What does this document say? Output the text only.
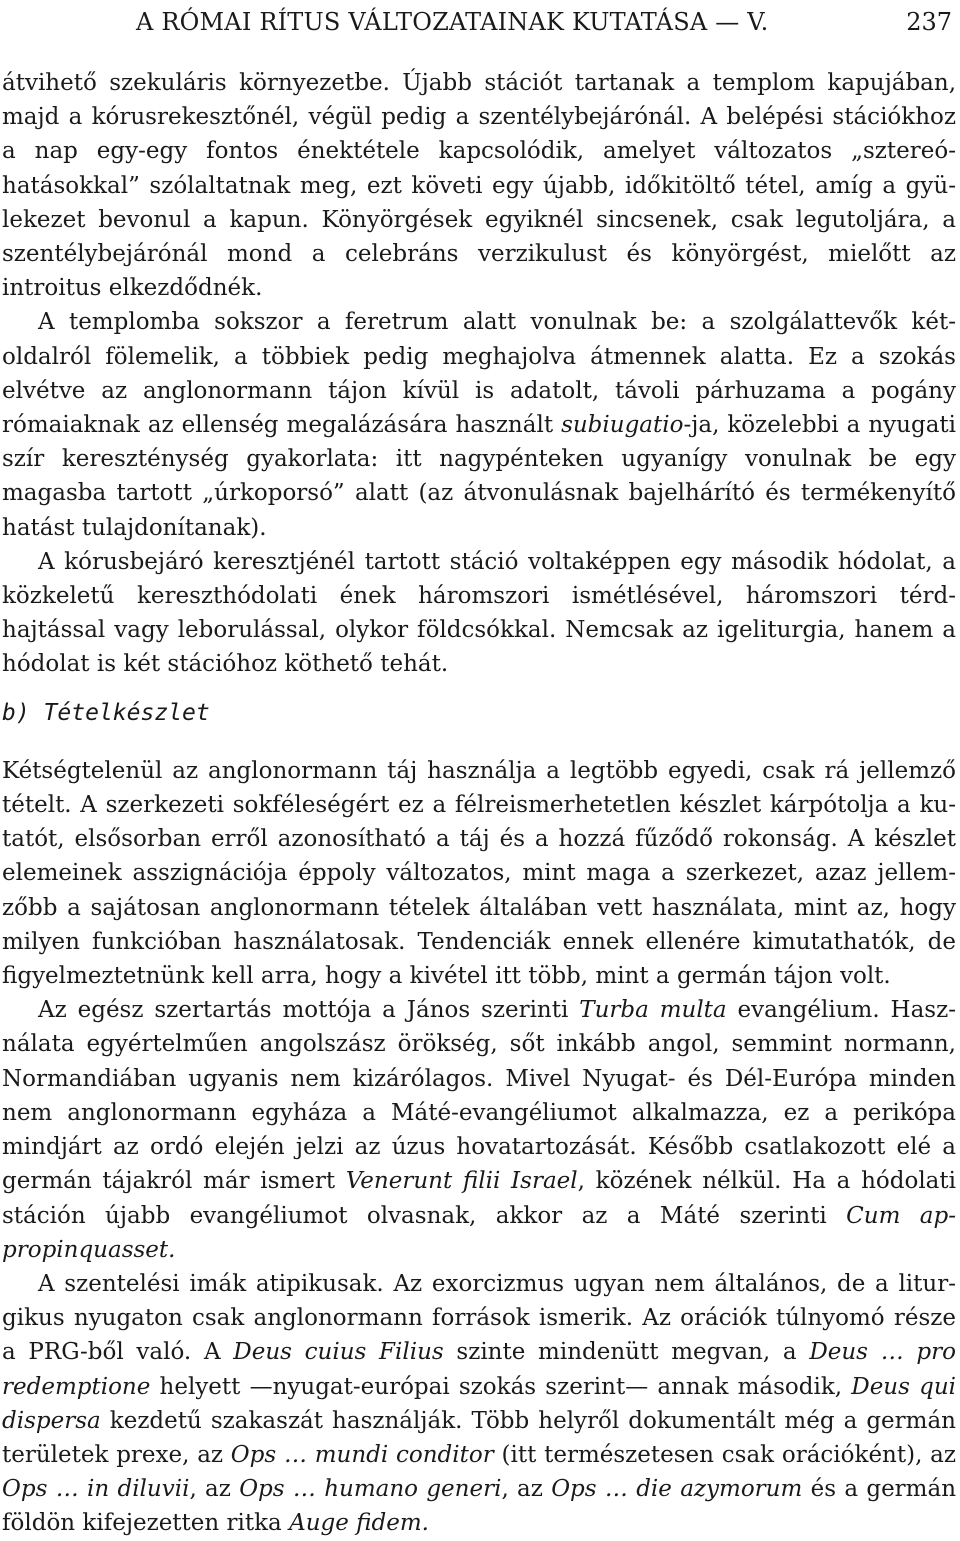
A RÓMAI RÍTUS VÁLTOZATAINAK KUTATÁSA — V.	237

átvihető szekuláris környezetbe. Újabb stációt tartanak a templom kapujában, majd a kórusrekesztőnél, végül pedig a szentélybejárónál. A belépési stációkhoz a nap egy-egy fontos énektétele kapcsolódik, amelyet változatos „sztereóhatásokkal” szólaltatnak meg, ezt követi egy újabb, időkitöltő tétel, amíg a gyülekezet bevonul a kapun. Könyörgések egyiknél sincsenek, csak legutoljára, a szentélybejárónál mond a celebráns verzikulust és könyörgést, mielőtt az introitus elkezdődnék.

A templomba sokszor a feretrum alatt vonulnak be: a szolgálattevők kétoldalról fölemelik, a többiek pedig meghajolva átmennek alatta. Ez a szokás elvétve az anglonormann tájon kívül is adatolt, távoli párhuzama a pogány rómaiaknak az ellenség megalázására használt subiugatio-ja, közelebbi a nyugati szír kereszténység gyakorlata: itt nagypénteken ugyanígy vonulnak be egy magasba tartott „úrkoporsó” alatt (az átvonulásnak bajelhárító és termékenyítő hatást tulajdonítanak).

A kórusbejáró keresztjénél tartott stáció voltaképpen egy második hódolat, a közkeletű kereszthódolati ének háromszori ismétlésével, háromszori térdhajtással vagy leborulással, olykor földcsókkal. Nemcsak az igeliturgia, hanem a hódolat is két stációhoz köthető tehát.

b) Tételkészlet

Kétségtelenül az anglonormann táj használja a legtöbb egyedi, csak rá jellemző tételt. A szerkezeti sokféleségért ez a félreismerhetetlen készlet kárpótolja a kutatót, elsősorban erről azonosítható a táj és a hozzá fűződő rokonság. A készlet elemeinek asszignációja éppoly változatos, mint maga a szerkezet, azaz jellemzőbb a sajátosan anglonormann tételek általában vett használata, mint az, hogy milyen funkcióban használatosak. Tendenciák ennek ellenére kimutathatók, de figyelmeztetnünk kell arra, hogy a kivétel itt több, mint a germán tájon volt.

Az egész szertartás mottója a János szerinti Turba multa evangélium. Használata egyértelműen angolszász örökség, sőt inkább angol, semmint normann, Normandiában ugyanis nem kizárólagos. Mivel Nyugat- és Dél-Európa minden nem anglonormann egyháza a Máté-evangéliumot alkalmazza, ez a perikópa mindjárt az ordó elején jelzi az úzus hovatartozását. Később csatlakozott elé a germán tájakról már ismert Venerunt filii Israel, közének nélkül. Ha a hódolati stáción újabb evangéliumot olvasnak, akkor az a Máté szerinti Cum appropinquasset.

A szentelési imák atipikusak. Az exorcizmus ugyan nem általános, de a liturgikus nyugaton csak anglonormann források ismerik. Az orációk túlnyomó része a PRG-ből való. A Deus cuius Filius szinte mindenütt megvan, a Deus … pro redemptione helyett —nyugat-európai szokás szerint— annak második, Deus qui dispersa kezdetű szakaszát használják. Több helyről dokumentált még a germán területek prexe, az Ops … mundi conditor (itt természetesen csak orációként), az Ops … in diluvii, az Ops … humano generi, az Ops … die azymorum és a germán földön kifejezetten ritka Auge fidem.
